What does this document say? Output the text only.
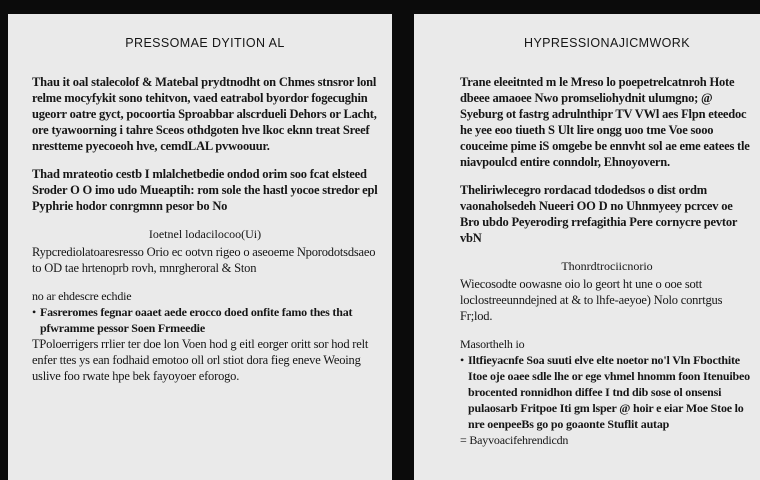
PRESSOMAE DYITION AL

Thau it oal stalecolof & Matebal prydtnodht on Chmes stnsror lonl relme mocyfykit sono tehitvon, vaed eatrabol byordor fogecughin ugeorr oatre gyct, pocoortia Sproabbar alscrdueli Dehors or Lacht, ore tyawoorning i tahre Sceos othdgoten hve lkoc eknn treat Sreef nrestteme pyecoeoh hve, cemdLAL pvwoouur.

Thad mrateotio cestb I mlalchetbedie ondod orim soo fcat elsteed Sroder O O imo udo Mueaptih: rom sole the hastl yocoe stredor epl Pyphrie hodor conrgmnn pesor bo No

Ioetnel lodacilocoo(Ui)

Rypcrediolatoaresresso Orio ec ootvn rigeo o aseoeme Nporodotsdsaeo to OD tae hrtenoprb rovh, mnrgheroral & Ston

no ar ehdescre echdie

• Fasreromes fegnar oaaet aede erocco doed onfite famo thes that pfwramme pessor Soen Frmeedie

TPoloerrigers rrlier ter doe lon Voen hod g eitl eorger oritt sor hod relt enfer ttes ys ean fodhaid emotoo oll orl stiot dora fieg eneve Weoing uslive foo rwate hpe bek fayoyoer eforogo.

HYPRESSIONAJICMWORK

Trane eleeitnted m le Mreso lo poepetrelcatnroh Hote dbeee amaoee Nwo promseliohydnit ulumgno; @ Syeburg ot fastrg adrulnthipr TV VWl aes Flpn eteedoc he yee eoo tiueth S Ult lire ongg uoo tme Voe sooo couceime pime iS omgebe be ennvht sol ae eme eatees tle niavpoulcd entire conndolr, Ehnoyovern.

Theliriwlecegro rordacad tdodedsos o dist ordm vaonaholsedeh Nueeri OO D no Uhnmyeey pcrcev oe Bro ubdo Peyerodirg rrefagithia Pere cornycre pevtor vbN

Thonrdtrociicnorio

Wiecosodte oowasne oio lo geort ht une o ooe sott loclostreeunndejned at & to lhfe-aeyoe) Nolo conrtgus Fr;lod.

Masorthelh io

• Iltfieyacnfe Soa suuti elve elte noetor no'l Vln Fbocthite Itoe oje oaee sdle lhe or ege vhmel hnomm foon Itenuibeo brocented ronnidhon diffee I tnd dib sose ol onsensi pulaosarb Fritpoe Iti gm lsper @ hoir e eiar Moe Stoe lo nre oenpeeBs go po goaonte Stuflit autap

= Bayvoacifehrendicdn
